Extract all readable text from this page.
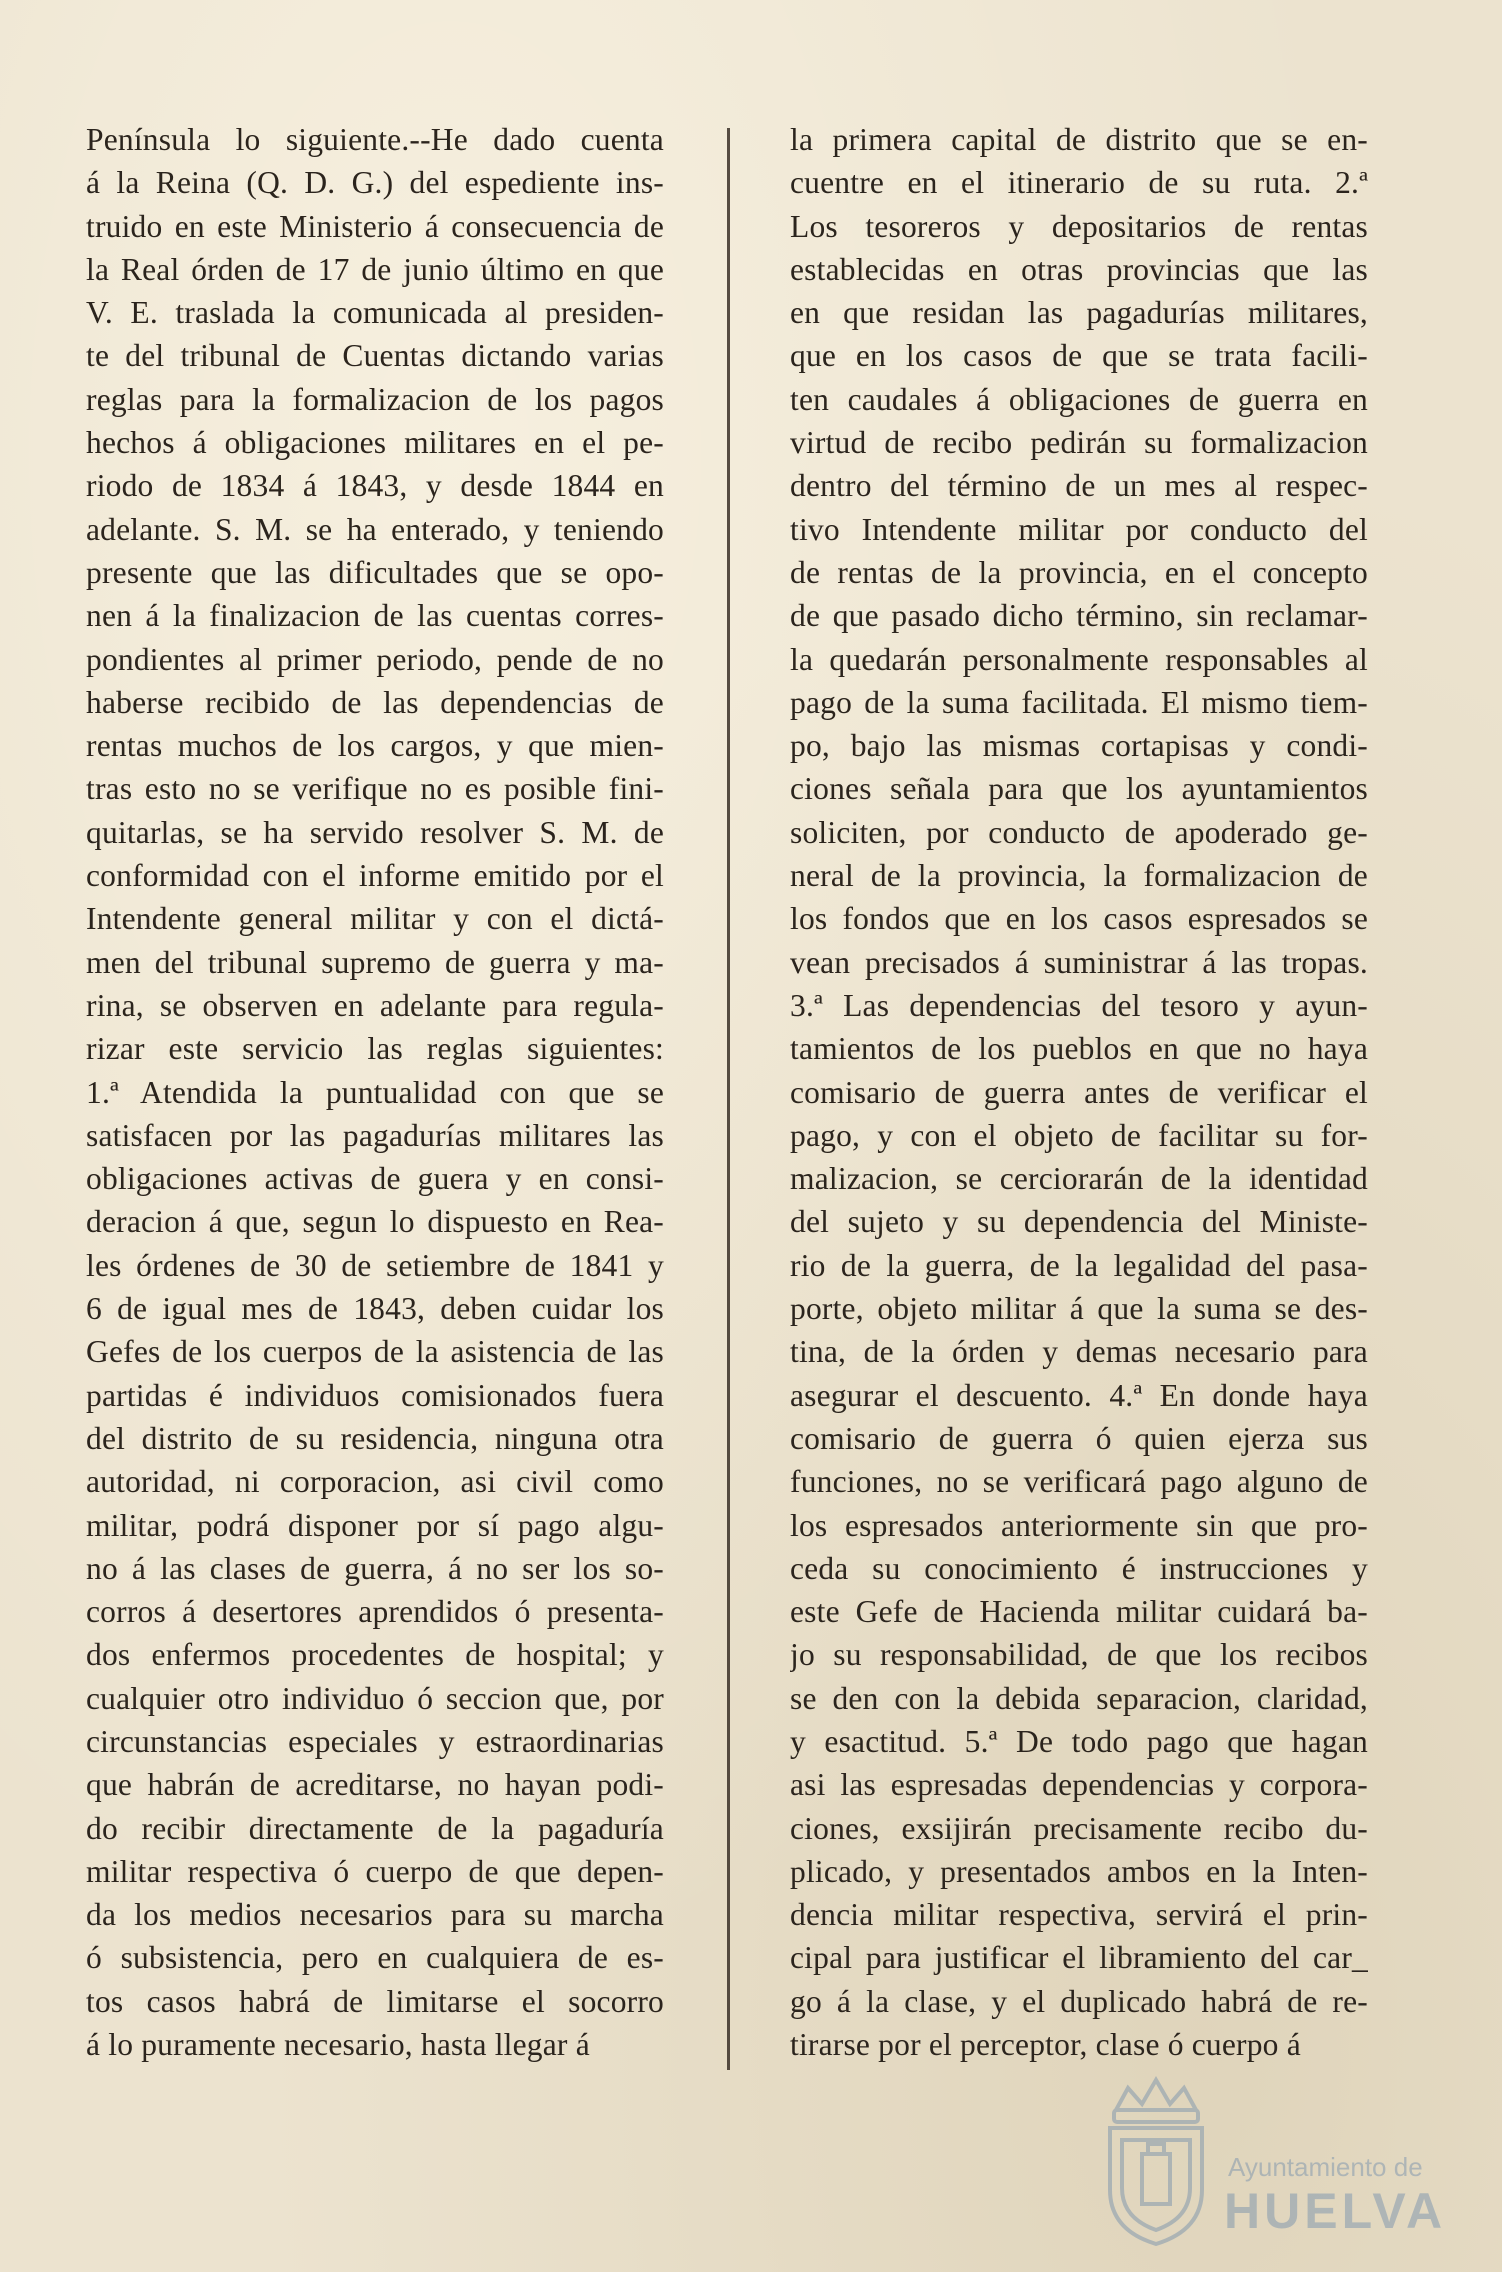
Península lo siguiente.--He dado cuenta
á la Reina (Q. D. G.) del espediente ins-
truido en este Ministerio á consecuencia de
la Real órden de 17 de junio último en que
V. E. traslada la comunicada al presiden-
te del tribunal de Cuentas dictando varias
reglas para la formalizacion de los pagos
hechos á obligaciones militares en el pe-
riodo de 1834 á 1843, y desde 1844 en
adelante. S. M. se ha enterado, y teniendo
presente que las dificultades que se opo-
nen á la finalizacion de las cuentas corres-
pondientes al primer periodo, pende de no
haberse recibido de las dependencias de
rentas muchos de los cargos, y que mien-
tras esto no se verifique no es posible fini-
quitarlas, se ha servido resolver S. M. de
conformidad con el informe emitido por el
Intendente general militar y con el dictá-
men del tribunal supremo de guerra y ma-
rina, se observen en adelante para regula-
rizar este servicio las reglas siguientes:
1.ª Atendida la puntualidad con que se
satisfacen por las pagadurías militares las
obligaciones activas de guera y en consi-
deracion á que, segun lo dispuesto en Rea-
les órdenes de 30 de setiembre de 1841 y
6 de igual mes de 1843, deben cuidar los
Gefes de los cuerpos de la asistencia de las
partidas é individuos comisionados fuera
del distrito de su residencia, ninguna otra
autoridad, ni corporacion, asi civil como
militar, podrá disponer por sí pago algu-
no á las clases de guerra, á no ser los so-
corros á desertores aprendidos ó presenta-
dos enfermos procedentes de hospital; y
cualquier otro individuo ó seccion que, por
circunstancias especiales y estraordinarias
que habrán de acreditarse, no hayan podi-
do recibir directamente de la pagaduría
militar respectiva ó cuerpo de que depen-
da los medios necesarios para su marcha
ó subsistencia, pero en cualquiera de es-
tos casos habrá de limitarse el socorro
á lo puramente necesario, hasta llegar á
la primera capital de distrito que se en-
cuentre en el itinerario de su ruta. 2.ª
Los tesoreros y depositarios de rentas
establecidas en otras provincias que las
en que residan las pagadurías militares,
que en los casos de que se trata facili-
ten caudales á obligaciones de guerra en
virtud de recibo pedirán su formalizacion
dentro del término de un mes al respec-
tivo Intendente militar por conducto del
de rentas de la provincia, en el concepto
de que pasado dicho término, sin reclamar-
la quedarán personalmente responsables al
pago de la suma facilitada. El mismo tiem-
po, bajo las mismas cortapisas y condi-
ciones señala para que los ayuntamientos
soliciten, por conducto de apoderado ge-
neral de la provincia, la formalizacion de
los fondos que en los casos espresados se
vean precisados á suministrar á las tropas.
3.ª Las dependencias del tesoro y ayun-
tamientos de los pueblos en que no haya
comisario de guerra antes de verificar el
pago, y con el objeto de facilitar su for-
malizacion, se cerciorarán de la identidad
del sujeto y su dependencia del Ministe-
rio de la guerra, de la legalidad del pasa-
porte, objeto militar á que la suma se des-
tina, de la órden y demas necesario para
asegurar el descuento. 4.ª En donde haya
comisario de guerra ó quien ejerza sus
funciones, no se verificará pago alguno de
los espresados anteriormente sin que pro-
ceda su conocimiento é instrucciones y
este Gefe de Hacienda militar cuidará ba-
jo su responsabilidad, de que los recibos
se den con la debida separacion, claridad,
y esactitud. 5.ª De todo pago que hagan
asi las espresadas dependencias y corpora-
ciones, exsijirán precisamente recibo du-
plicado, y presentados ambos en la Inten-
dencia militar respectiva, servirá el prin-
cipal para justificar el libramiento del car_
go á la clase, y el duplicado habrá de re-
tirarse por el perceptor, clase ó cuerpo á
Ayuntamiento de
HUELVA
